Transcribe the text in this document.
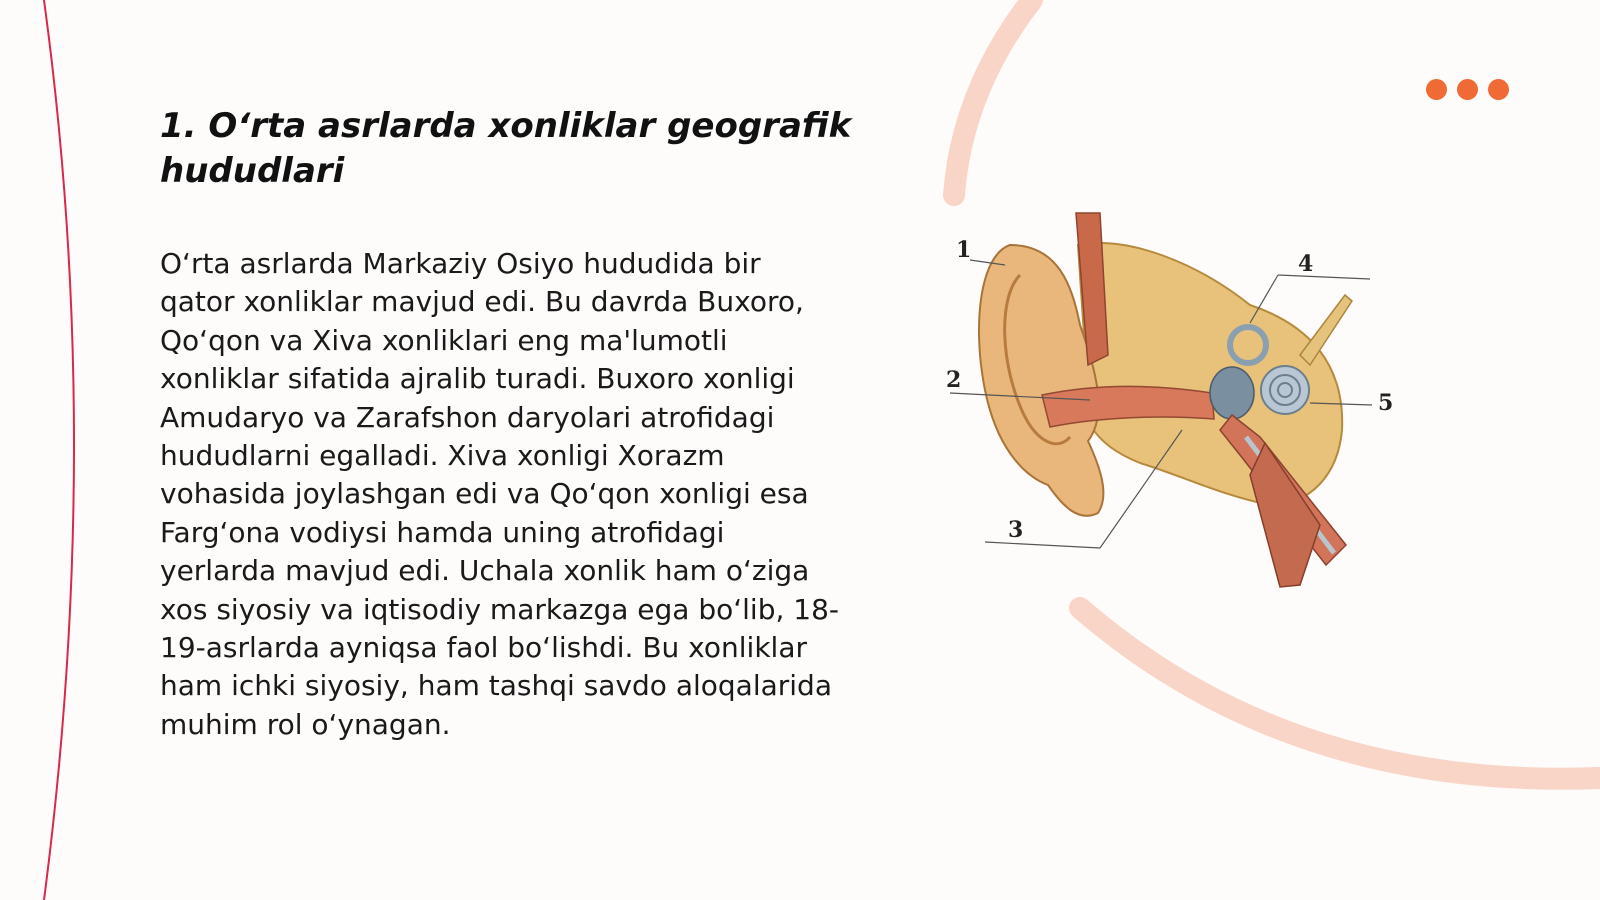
1. O‘rta asrlarda xonliklar geografik hududlari

O‘rta asrlarda Markaziy Osiyo hududida bir qator xonliklar mavjud edi. Bu davrda Buxoro, Qo‘qon va Xiva xonliklari eng ma'lumotli xonliklar sifatida ajralib turadi. Buxoro xonligi Amudaryo va Zarafshon daryolari atrofidagi hududlarni egalladi. Xiva xonligi Xorazm vohasida joylashgan edi va Qo‘qon xonligi esa Farg‘ona vodiysi hamda uning atrofidagi yerlarda mavjud edi. Uchala xonlik ham o‘ziga xos siyosiy va iqtisodiy markazga ega bo‘lib, 18-19-asrlarda ayniqsa faol bo‘lishdi. Bu xonliklar ham ichki siyosiy, ham tashqi savdo aloqalarida muhim rol o‘ynagan.

1
2
3
4
5
